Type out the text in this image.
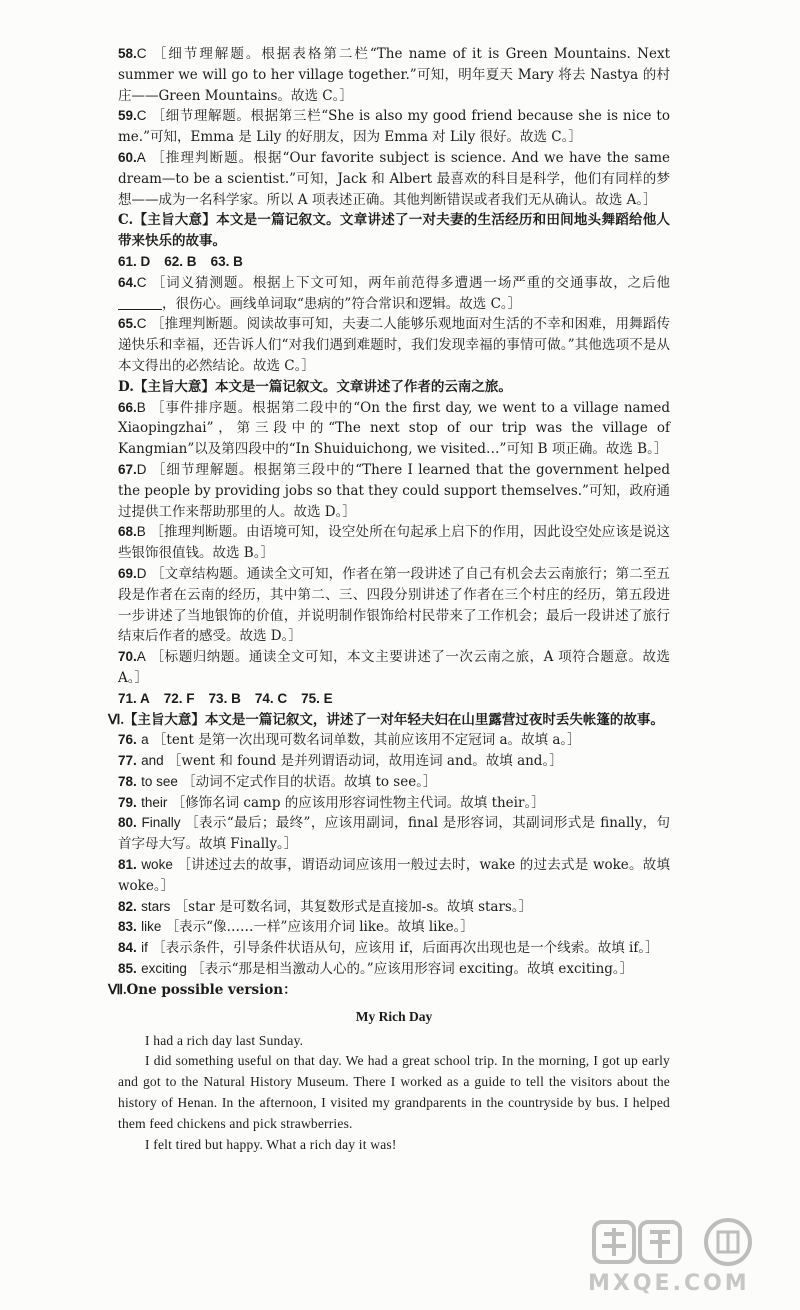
58.C ［细节理解题。根据表格第二栏“The name of it is Green Mountains. Next summer we will go to her village together.”可知，明年夏天 Mary 将去 Nastya 的村庄——Green Mountains。故选 C。］

59.C ［细节理解题。根据第三栏“She is also my good friend because she is nice to me.”可知，Emma 是 Lily 的好朋友，因为 Emma 对 Lily 很好。故选 C。］

60.A ［推理判断题。根据“Our favorite subject is science. And we have the same dream—to be a scientist.”可知，Jack 和 Albert 最喜欢的科目是科学，他们有同样的梦想——成为一名科学家。所以 A 项表述正确。其他判断错误或者我们无从确认。故选 A。］

C.【主旨大意】本文是一篇记叙文。文章讲述了一对夫妻的生活经历和田间地头舞蹈给他人带来快乐的故事。

61. D 62. B 63. B

64.C ［词义猜测题。根据上下文可知，两年前范得多遭遇一场严重的交通事故，之后他，很伤心。画线单词取“患病的”符合常识和逻辑。故选 C。］

65.C ［推理判断题。阅读故事可知，夫妻二人能够乐观地面对生活的不幸和困难，用舞蹈传递快乐和幸福，还告诉人们“对我们遇到难题时，我们发现幸福的事情可做。”其他选项不是从本文得出的必然结论。故选 C。］

D.【主旨大意】本文是一篇记叙文。文章讲述了作者的云南之旅。

66.B ［事件排序题。根据第二段中的“On the first day, we went to a village named Xiaopingzhai”，第三段中的“The next stop of our trip was the village of Kangmian”以及第四段中的“In Shuiduichong, we visited…”可知 B 项正确。故选 B。］

67.D ［细节理解题。根据第三段中的“There I learned that the government helped the people by providing jobs so that they could support themselves.”可知，政府通过提供工作来帮助那里的人。故选 D。］

68.B ［推理判断题。由语境可知，设空处所在句起承上启下的作用，因此设空处应该是说这些银饰很值钱。故选 B。］

69.D ［文章结构题。通读全文可知，作者在第一段讲述了自己有机会去云南旅行；第二至五段是作者在云南的经历，其中第二、三、四段分别讲述了作者在三个村庄的经历，第五段进一步讲述了当地银饰的价值，并说明制作银饰给村民带来了工作机会；最后一段讲述了旅行结束后作者的感受。故选 D。］

70.A ［标题归纳题。通读全文可知，本文主要讲述了一次云南之旅，A 项符合题意。故选 A。］

71. A 72. F 73. B 74. C 75. E

Ⅵ.【主旨大意】本文是一篇记叙文，讲述了一对年轻夫妇在山里露营过夜时丢失帐篷的故事。

76. a ［tent 是第一次出现可数名词单数，其前应该用不定冠词 a。故填 a。］

77. and ［went 和 found 是并列谓语动词，故用连词 and。故填 and。］

78. to see ［动词不定式作目的状语。故填 to see。］

79. their ［修饰名词 camp 的应该用形容词性物主代词。故填 their。］

80. Finally ［表示“最后；最终”，应该用副词，final 是形容词，其副词形式是 finally，句首字母大写。故填 Finally。］

81. woke ［讲述过去的故事，谓语动词应该用一般过去时，wake 的过去式是 woke。故填 woke。］

82. stars ［star 是可数名词，其复数形式是直接加-s。故填 stars。］

83. like ［表示“像……一样”应该用介词 like。故填 like。］

84. if ［表示条件，引导条件状语从句，应该用 if，后面再次出现也是一个线索。故填 if。］

85. exciting ［表示“那是相当激动人心的。”应该用形容词 exciting。故填 exciting。］

Ⅶ.One possible version：

My Rich Day

I had a rich day last Sunday.

I did something useful on that day. We had a great school trip. In the morning, I got up early and got to the Natural History Museum. There I worked as a guide to tell the visitors about the history of Henan. In the afternoon, I visited my grandparents in the countryside by bus. I helped them feed chickens and pick strawberries.

I felt tired but happy. What a rich day it was!

MXQE.COM
